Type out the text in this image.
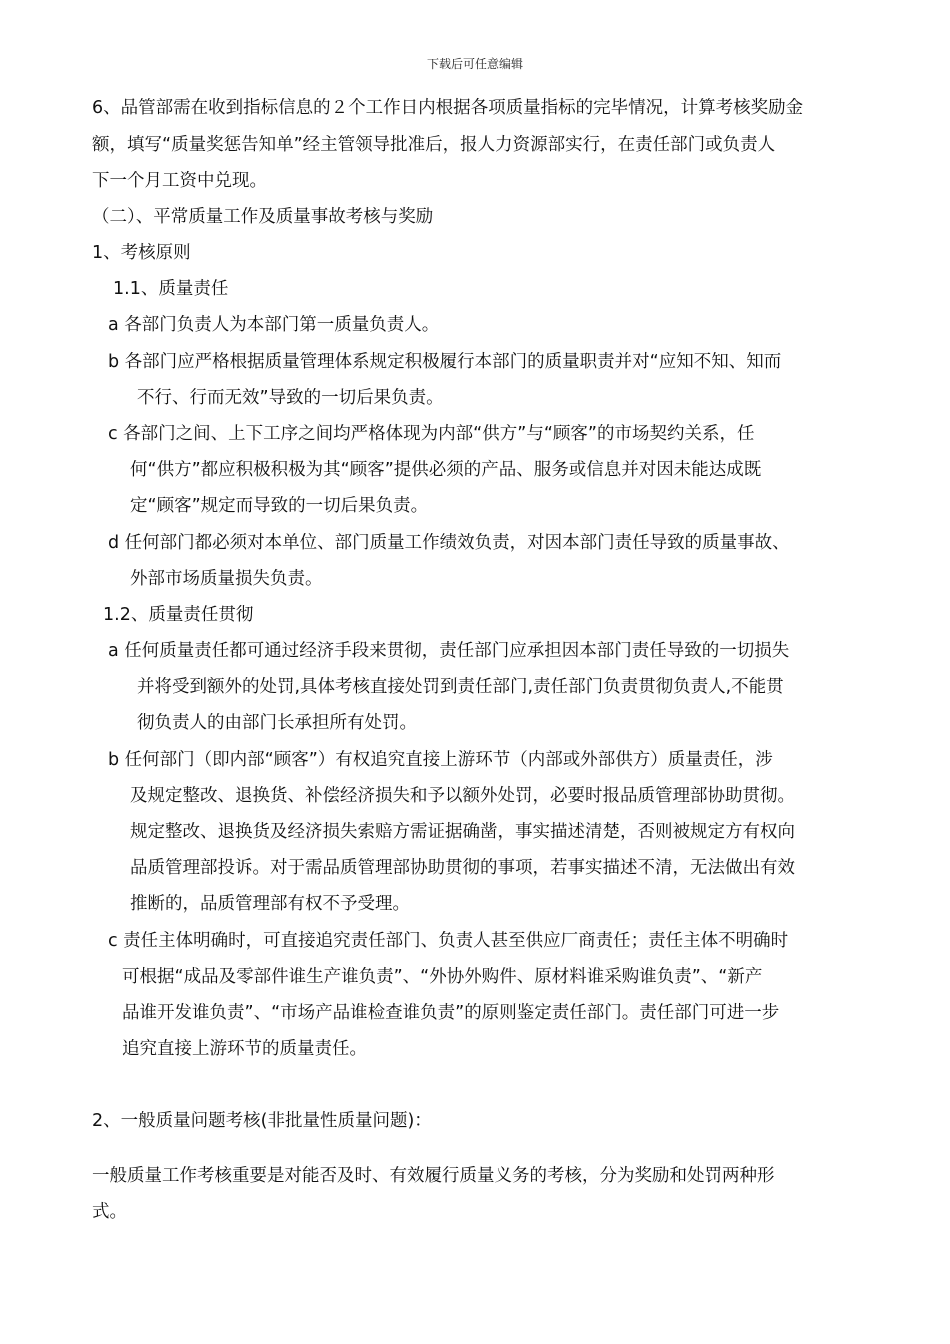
下载后可任意编辑
6、品管部需在收到指标信息的２个工作日内根据各项质量指标的完毕情况，计算考核奖励金
额，填写“质量奖惩告知单”经主管领导批准后，报人力资源部实行，在责任部门或负责人
下一个月工资中兑现。
（二）、平常质量工作及质量事故考核与奖励
1、考核原则
1.1、质量责任
a 各部门负责人为本部门第一质量负责人。
b 各部门应严格根据质量管理体系规定积极履行本部门的质量职责并对“应知不知、知而
不行、行而无效”导致的一切后果负责。
c 各部门之间、上下工序之间均严格体现为内部“供方”与“顾客”的市场契约关系，任
何“供方”都应积极积极为其“顾客”提供必须的产品、服务或信息并对因未能达成既
定“顾客”规定而导致的一切后果负责。
d 任何部门都必须对本单位、部门质量工作绩效负责，对因本部门责任导致的质量事故、
外部市场质量损失负责。
1.2、质量责任贯彻
a 任何质量责任都可通过经济手段来贯彻，责任部门应承担因本部门责任导致的一切损失
并将受到额外的处罚,具体考核直接处罚到责任部门,责任部门负责贯彻负责人,不能贯
彻负责人的由部门长承担所有处罚。
b 任何部门（即内部“顾客”）有权追究直接上游环节（内部或外部供方）质量责任，涉
及规定整改、退换货、补偿经济损失和予以额外处罚，必要时报品质管理部协助贯彻。
规定整改、退换货及经济损失索赔方需证据确凿，事实描述清楚，否则被规定方有权向
品质管理部投诉。对于需品质管理部协助贯彻的事项，若事实描述不清，无法做出有效
推断的，品质管理部有权不予受理。
c 责任主体明确时，可直接追究责任部门、负责人甚至供应厂商责任；责任主体不明确时
可根据“成品及零部件谁生产谁负责”、“外协外购件、原材料谁采购谁负责”、“新产
品谁开发谁负责”、“市场产品谁检查谁负责”的原则鉴定责任部门。责任部门可进一步
追究直接上游环节的质量责任。
2、一般质量问题考核(非批量性质量问题)：
一般质量工作考核重要是对能否及时、有效履行质量义务的考核，分为奖励和处罚两种形
式。
